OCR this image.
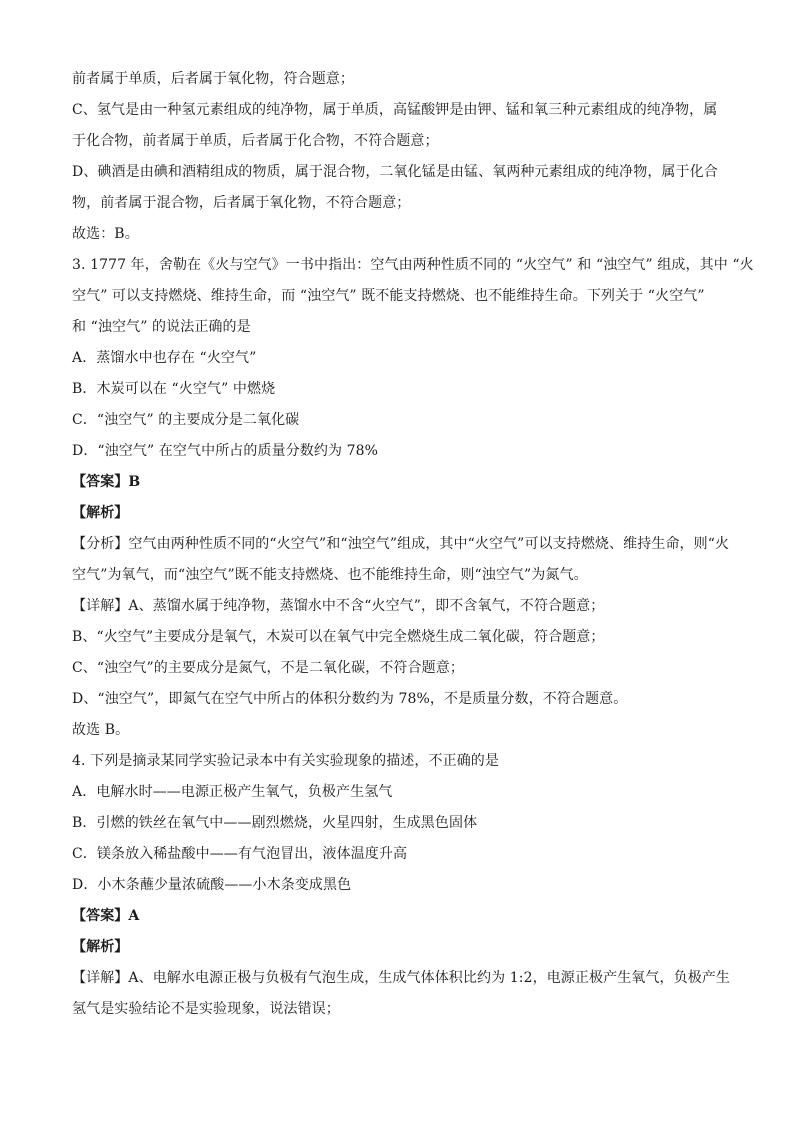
前者属于单质，后者属于氧化物，符合题意；
C、氢气是由一种氢元素组成的纯净物，属于单质，高锰酸钾是由钾、锰和氧三种元素组成的纯净物，属
于化合物，前者属于单质，后者属于化合物，不符合题意；
D、碘酒是由碘和酒精组成的物质，属于混合物，二氧化锰是由锰、氧两种元素组成的纯净物，属于化合
物，前者属于混合物，后者属于氧化物，不符合题意；
故选：B。
3. 1777 年，舍勒在《火与空气》一书中指出：空气由两种性质不同的 “火空气” 和 “浊空气” 组成，其中 “火
空气” 可以支持燃烧、维持生命，而 “浊空气” 既不能支持燃烧、也不能维持生命。下列关于 “火空气”
和 “浊空气” 的说法正确的是
A．蒸馏水中也存在 “火空气”
B．木炭可以在 “火空气” 中燃烧
C．“浊空气” 的主要成分是二氧化碳
D．“浊空气” 在空气中所占的质量分数约为 78%
【答案】B
【解析】
【分析】空气由两种性质不同的“火空气”和“浊空气”组成，其中“火空气”可以支持燃烧、维持生命，则“火
空气”为氧气，而“浊空气”既不能支持燃烧、也不能维持生命，则“浊空气”为氮气。
【详解】A、蒸馏水属于纯净物，蒸馏水中不含“火空气”，即不含氧气，不符合题意；
B、“火空气”主要成分是氧气，木炭可以在氧气中完全燃烧生成二氧化碳，符合题意；
C、“浊空气”的主要成分是氮气，不是二氧化碳，不符合题意；
D、“浊空气”，即氮气在空气中所占的体积分数约为 78%，不是质量分数，不符合题意。
故选 B。
4. 下列是摘录某同学实验记录本中有关实验现象的描述，不正确的是
A．电解水时——电源正极产生氧气，负极产生氢气
B．引燃的铁丝在氧气中——剧烈燃烧，火星四射，生成黑色固体
C．镁条放入稀盐酸中——有气泡冒出，液体温度升高
D．小木条蘸少量浓硫酸——小木条变成黑色
【答案】A
【解析】
【详解】A、电解水电源正极与负极有气泡生成，生成气体体积比约为 1:2，电源正极产生氧气，负极产生
氢气是实验结论不是实验现象，说法错误；
